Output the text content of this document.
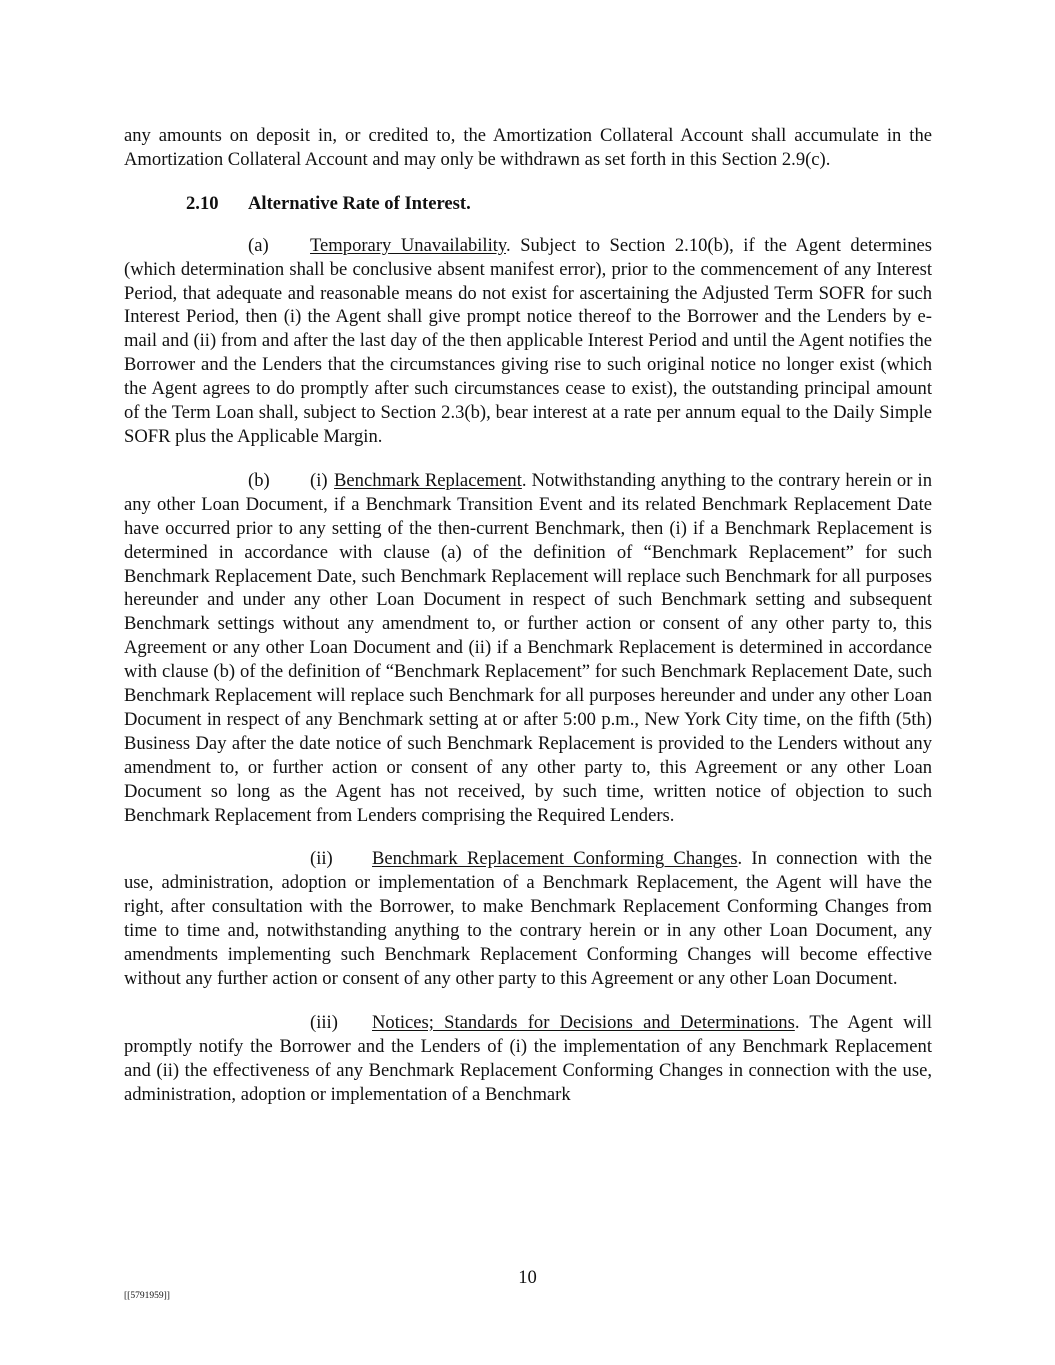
any amounts on deposit in, or credited to, the Amortization Collateral Account shall accumulate in the Amortization Collateral Account and may only be withdrawn as set forth in this Section 2.9(c).

2.10 Alternative Rate of Interest.

(a) Temporary Unavailability. Subject to Section 2.10(b), if the Agent determines (which determination shall be conclusive absent manifest error), prior to the commencement of any Interest Period, that adequate and reasonable means do not exist for ascertaining the Adjusted Term SOFR for such Interest Period, then (i) the Agent shall give prompt notice thereof to the Borrower and the Lenders by e-mail and (ii) from and after the last day of the then applicable Interest Period and until the Agent notifies the Borrower and the Lenders that the circumstances giving rise to such original notice no longer exist (which the Agent agrees to do promptly after such circumstances cease to exist), the outstanding principal amount of the Term Loan shall, subject to Section 2.3(b), bear interest at a rate per annum equal to the Daily Simple SOFR plus the Applicable Margin.

(b) (i) Benchmark Replacement. Notwithstanding anything to the contrary herein or in any other Loan Document, if a Benchmark Transition Event and its related Benchmark Replacement Date have occurred prior to any setting of the then-current Benchmark, then (i) if a Benchmark Replacement is determined in accordance with clause (a) of the definition of “Benchmark Replacement” for such Benchmark Replacement Date, such Benchmark Replacement will replace such Benchmark for all purposes hereunder and under any other Loan Document in respect of such Benchmark setting and subsequent Benchmark settings without any amendment to, or further action or consent of any other party to, this Agreement or any other Loan Document and (ii) if a Benchmark Replacement is determined in accordance with clause (b) of the definition of “Benchmark Replacement” for such Benchmark Replacement Date, such Benchmark Replacement will replace such Benchmark for all purposes hereunder and under any other Loan Document in respect of any Benchmark setting at or after 5:00 p.m., New York City time, on the fifth (5th) Business Day after the date notice of such Benchmark Replacement is provided to the Lenders without any amendment to, or further action or consent of any other party to, this Agreement or any other Loan Document so long as the Agent has not received, by such time, written notice of objection to such Benchmark Replacement from Lenders comprising the Required Lenders.

(ii) Benchmark Replacement Conforming Changes. In connection with the use, administration, adoption or implementation of a Benchmark Replacement, the Agent will have the right, after consultation with the Borrower, to make Benchmark Replacement Conforming Changes from time to time and, notwithstanding anything to the contrary herein or in any other Loan Document, any amendments implementing such Benchmark Replacement Conforming Changes will become effective without any further action or consent of any other party to this Agreement or any other Loan Document.

(iii) Notices; Standards for Decisions and Determinations. The Agent will promptly notify the Borrower and the Lenders of (i) the implementation of any Benchmark Replacement and (ii) the effectiveness of any Benchmark Replacement Conforming Changes in connection with the use, administration, adoption or implementation of a Benchmark

10
[[5791959]]
